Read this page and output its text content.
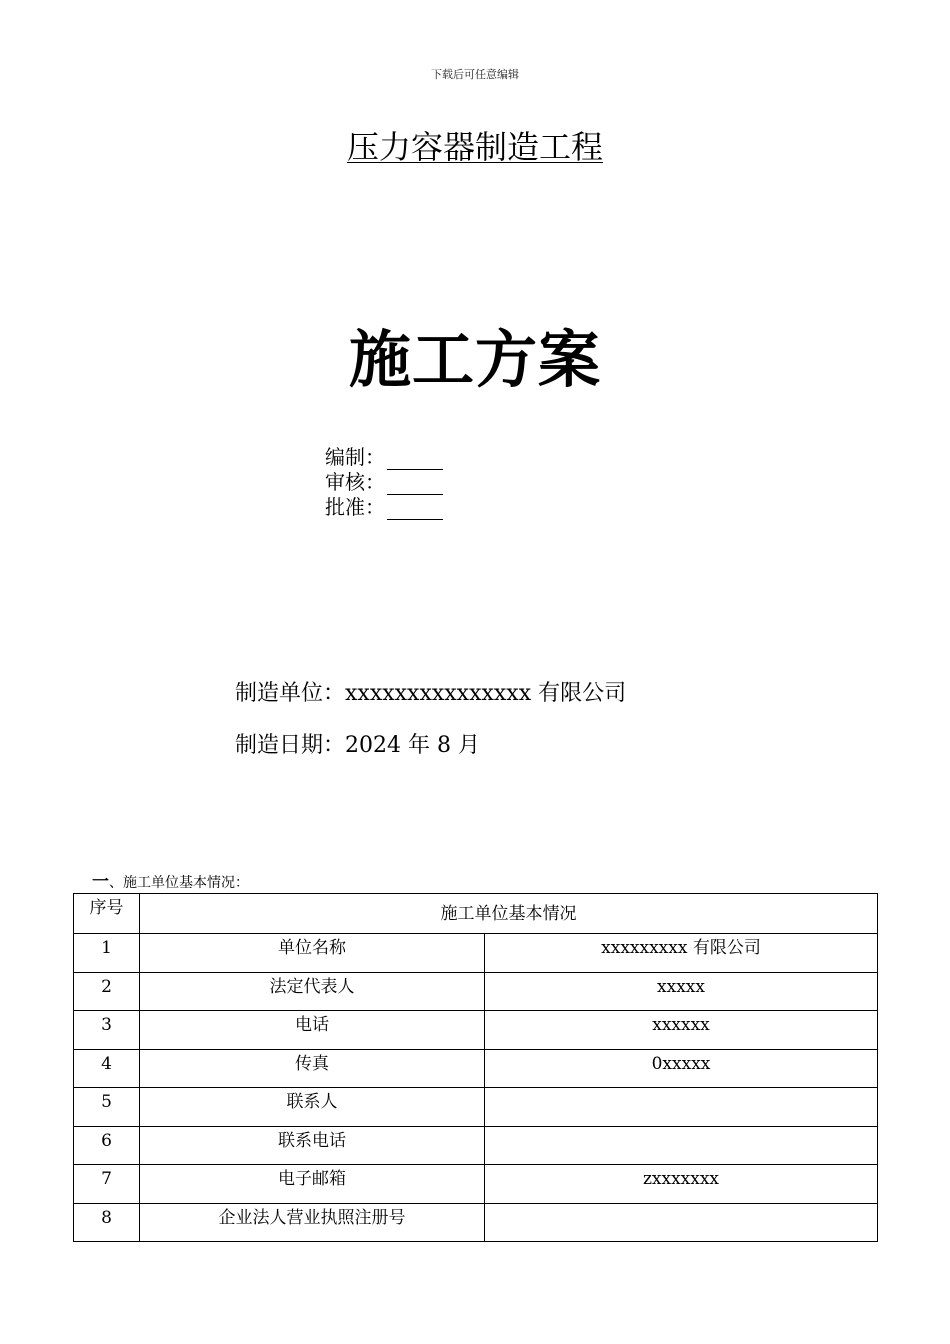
下载后可任意编辑
压力容器制造工程
施工方案
编制：
审核：
批准：
制造单位：xxxxxxxxxxxxxxx 有限公司
制造日期：2024 年 8 月
一、施工单位基本情况：
序号	施工单位基本情况	
1	单位名称	xxxxxxxxx 有限公司
2	法定代表人	xxxxx
3	电话	xxxxxx
4	传真	0xxxxx
5	联系人	
6	联系电话	
7	电子邮箱	zxxxxxxx
8	企业法人营业执照注册号	
